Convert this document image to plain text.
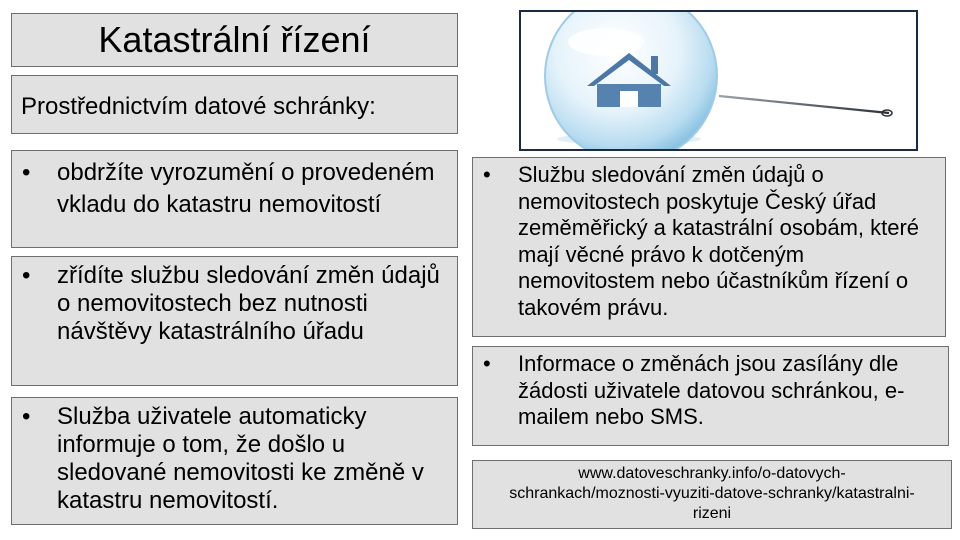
Katastrální řízení
Prostřednictvím datové schránky:
• obdržíte vyrozumění o provedeném vkladu do katastru nemovitostí
• zřídíte službu sledování změn údajů o nemovitostech bez nutnosti návštěvy katastrálního úřadu
• Služba uživatele automaticky informuje o tom, že došlo u sledované nemovitosti ke změně v katastru nemovitostí.
• Službu sledování změn údajů o nemovitostech poskytuje Český úřad zeměměřický a katastrální osobám, které mají věcné právo k dotčeným nemovitostem nebo účastníkům řízení o takovém právu.
• Informace o změnách jsou zasílány dle žádosti uživatele datovou schránkou, e-mailem nebo SMS.
www.datoveschranky.info/o-datovych-schrankach/moznosti-vyuziti-datove-schranky/katastralni-rizeni
